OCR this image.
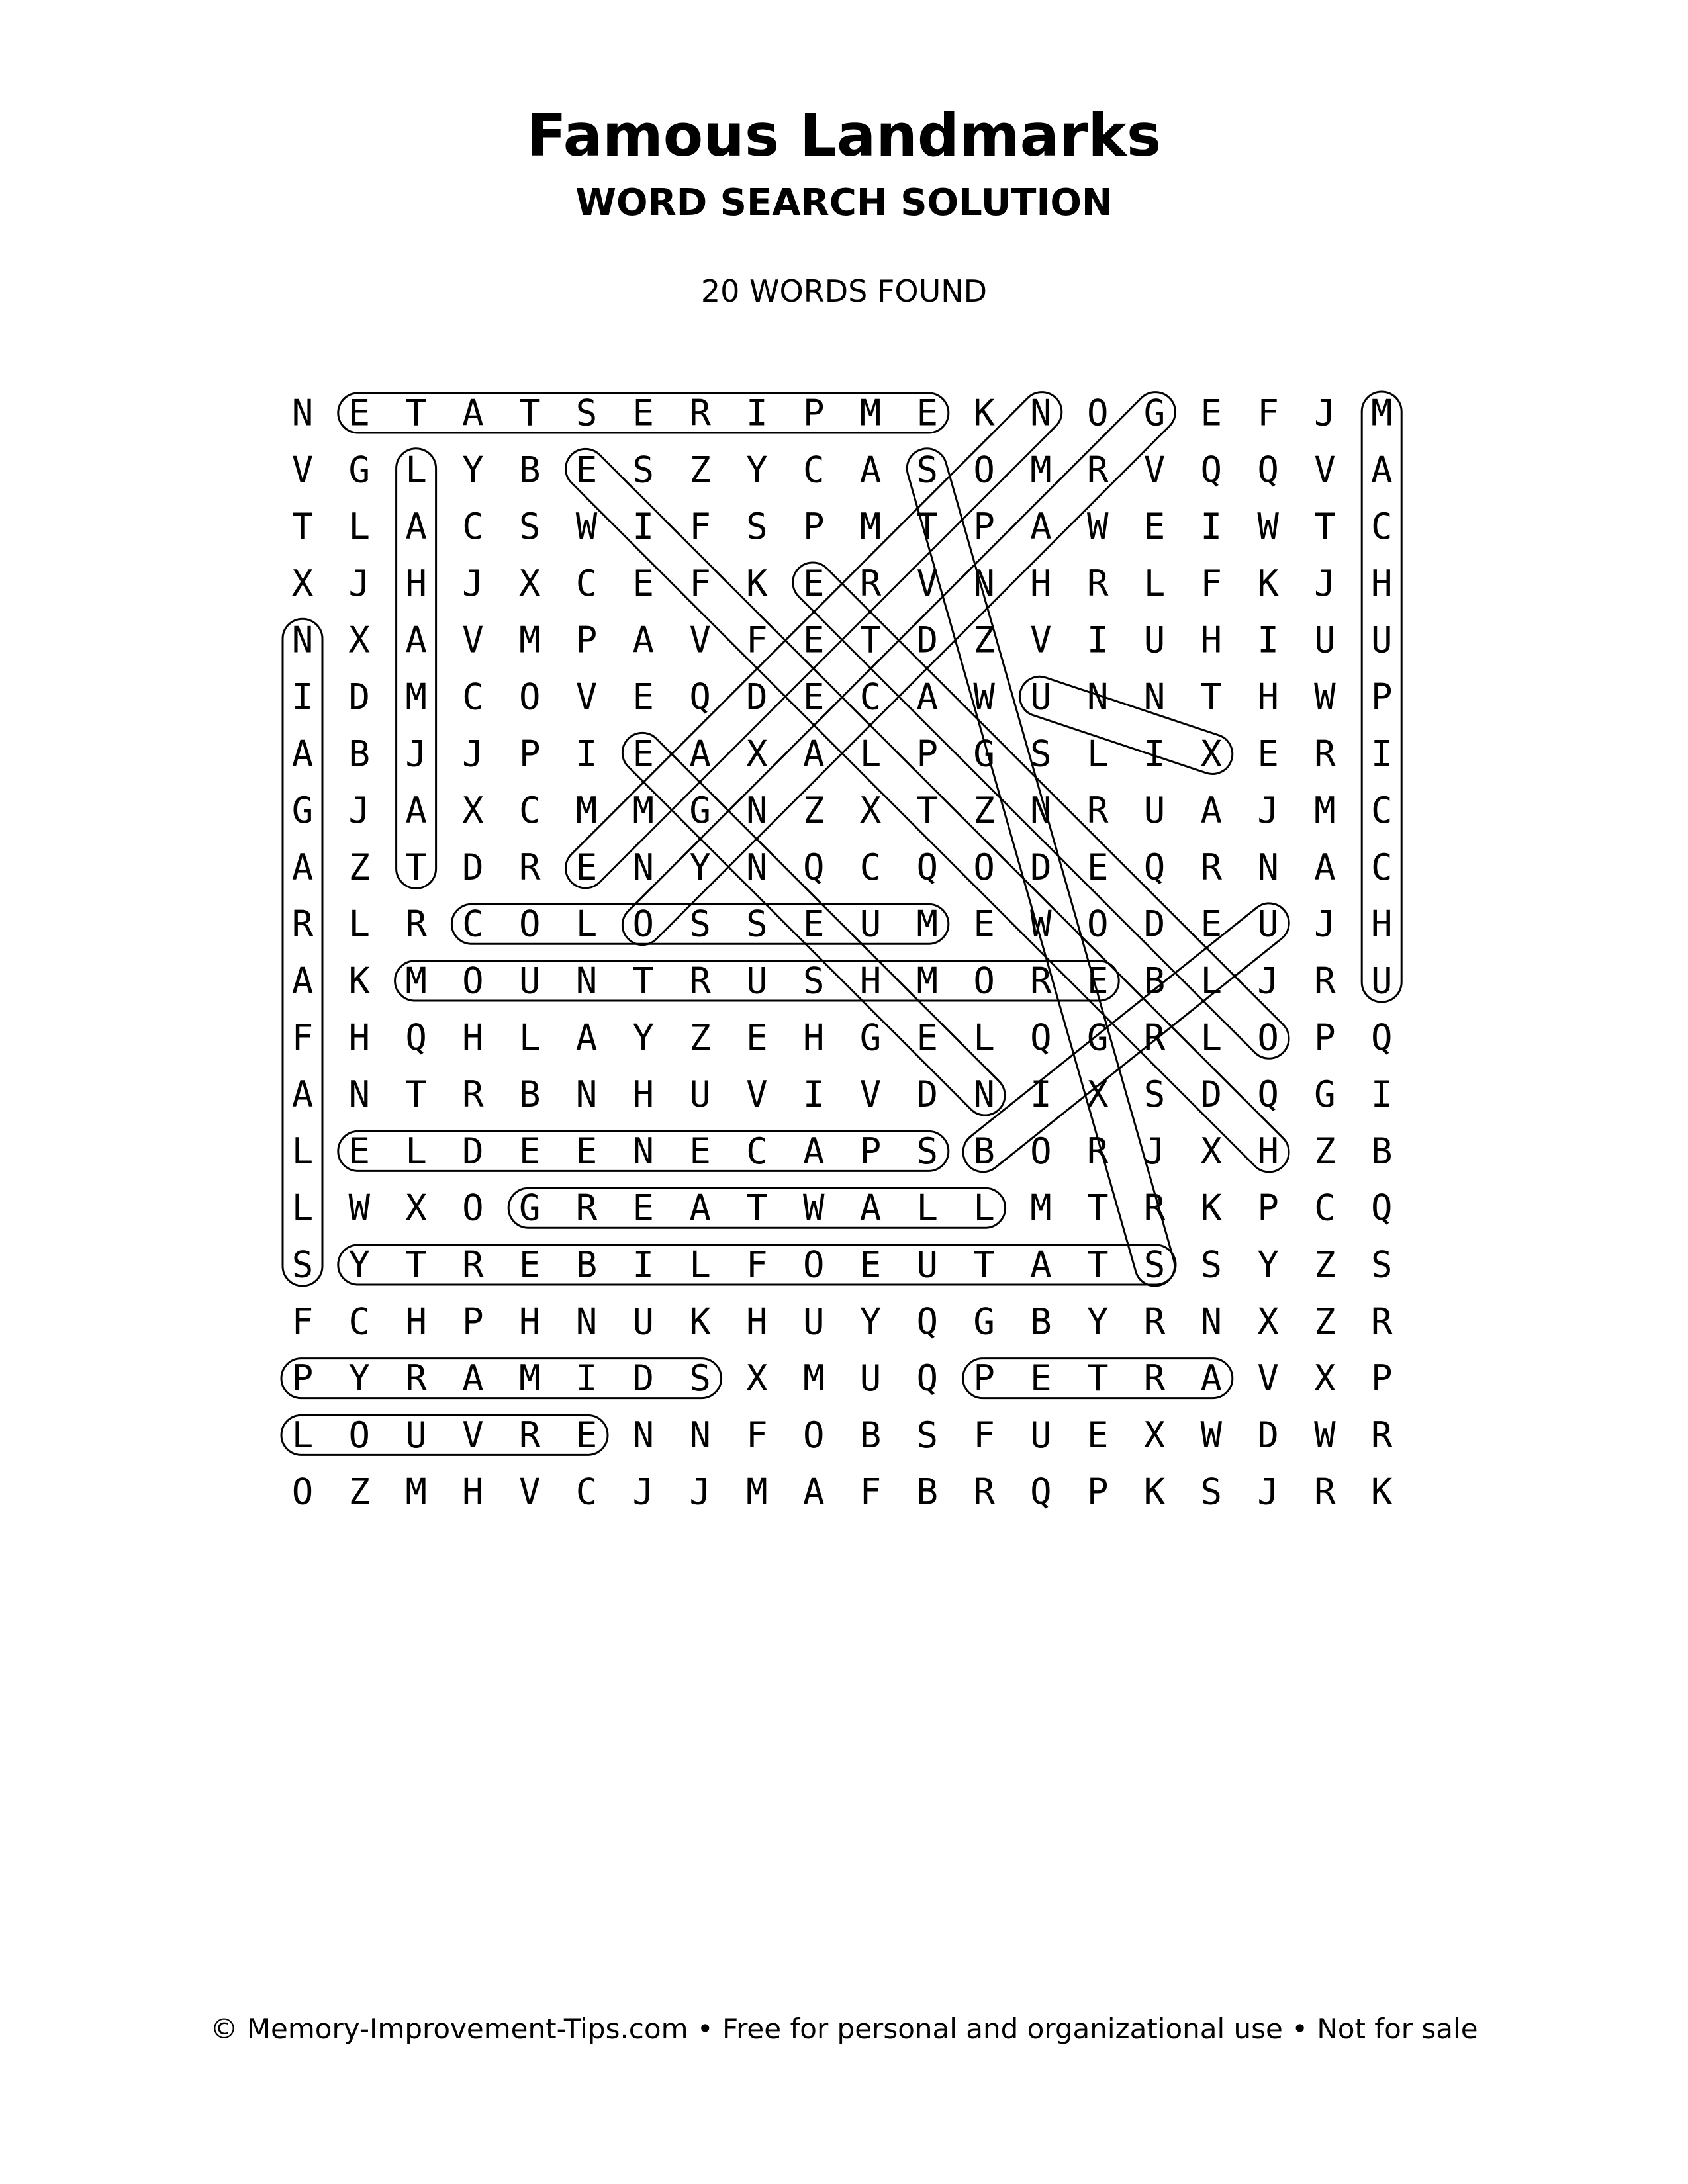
Famous Landmarks
WORD SEARCH SOLUTION
20 WORDS FOUND
N E T A T S E R I P M E K N O G E F J M
V G L Y B E S Z Y C A S O M R V Q Q V A
T L A C S W I F S P M T P A W E I W T C
X J H J X C E F K E R V N H R L F K J H
N X A V M P A V F E T D Z V I U H I U U
I D M C O V E Q D E C A W U N N T H W P
A B J J P I E A X A L P G S L I X E R I
G J A X C M M G N Z X T Z N R U A J M C
A Z T D R E N Y N Q C Q O D E Q R N A C
R L R C O L O S S E U M E W O D E U J H
A K M O U N T R U S H M O R E B L J R U
F H Q H L A Y Z E H G E L Q G R L O P Q
A N T R B N H U V I V D N I X S D Q G I
L E L D E E N E C A P S B O R J X H Z B
L W X O G R E A T W A L L M T R K P C Q
S Y T R E B I L F O E U T A T S S Y Z S
F C H P H N U K H U Y Q G B Y R N X Z R
P Y R A M I D S X M U Q P E T R A V X P
L O U V R E N N F O B S F U E X W D W R
O Z M H V C J J M A F B R Q P K S J R K
© Memory-Improvement-Tips.com • Free for personal and organizational use • Not for sale
